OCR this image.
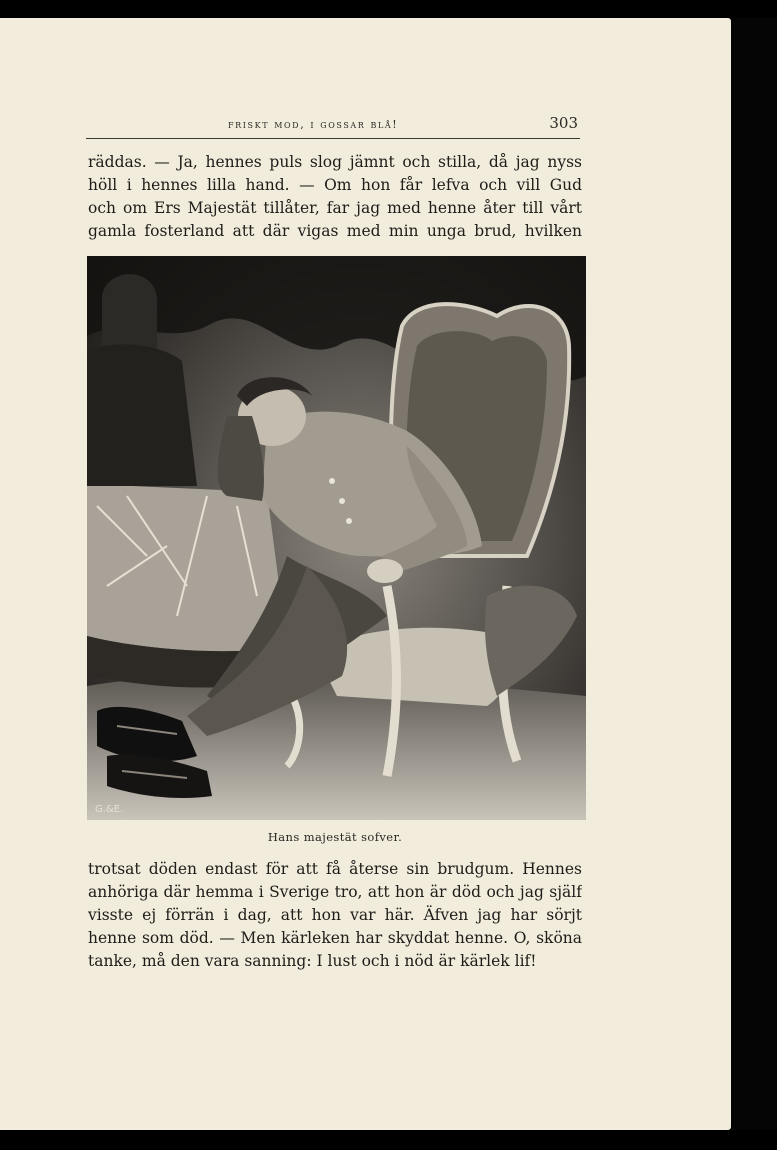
friskt mod, i gossar blå!	303
räddas. — Ja, hennes puls slog jämnt och stilla, då jag nyss
höll i hennes lilla hand. — Om hon får lefva och vill Gud
och om Ers Majestät tillåter, far jag med henne åter till vårt
gamla fosterland att där vigas med min unga brud, hvilken
G.&E.
Hans majestät sofver.
trotsat döden endast för att få återse sin brudgum. Hennes
anhöriga där hemma i Sverige tro, att hon är död och jag själf
visste ej förrän i dag, att hon var här. Äfven jag har sörjt
henne som död. — Men kärleken har skyddat henne. O, sköna
tanke, må den vara sanning: I lust och i nöd är kärlek lif!
